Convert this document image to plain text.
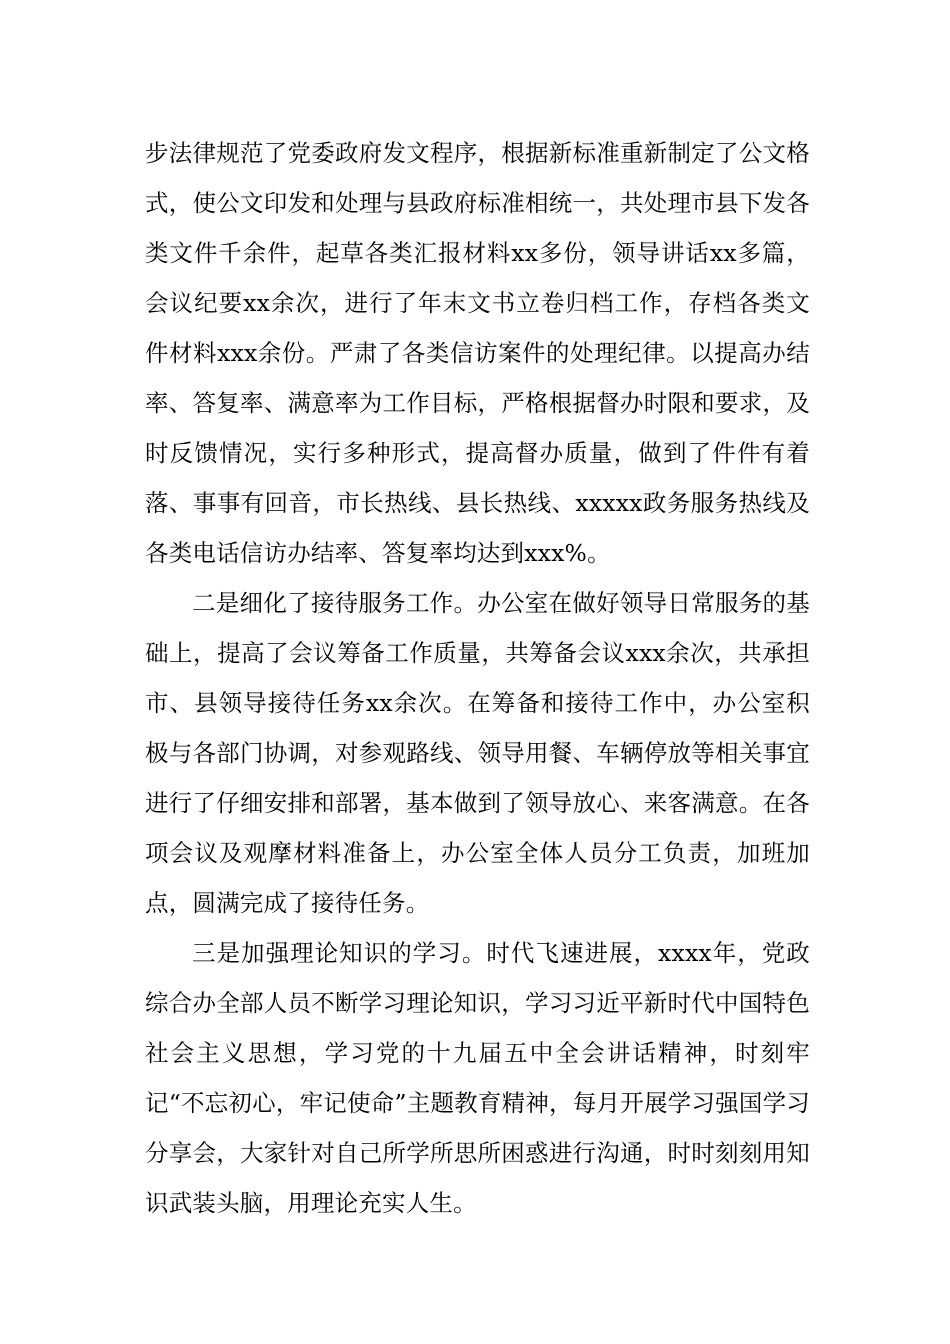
步法律规范了党委政府发文程序，根据新标准重新制定了公文格式，使公文印发和处理与县政府标准相统一，共处理市县下发各类文件千余件，起草各类汇报材料xx多份，领导讲话xx多篇，会议纪要xx余次，进行了年末文书立卷归档工作，存档各类文件材料xxx余份。严肃了各类信访案件的处理纪律。以提高办结率、答复率、满意率为工作目标，严格根据督办时限和要求，及时反馈情况，实行多种形式，提高督办质量，做到了件件有着落、事事有回音，市长热线、县长热线、xxxxx政务服务热线及各类电话信访办结率、答复率均达到xxx%。

二是细化了接待服务工作。办公室在做好领导日常服务的基础上，提高了会议筹备工作质量，共筹备会议xxx余次，共承担市、县领导接待任务xx余次。在筹备和接待工作中，办公室积极与各部门协调，对参观路线、领导用餐、车辆停放等相关事宜进行了仔细安排和部署，基本做到了领导放心、来客满意。在各项会议及观摩材料准备上，办公室全体人员分工负责，加班加点，圆满完成了接待任务。

三是加强理论知识的学习。时代飞速进展，xxxx年，党政综合办全部人员不断学习理论知识，学习习近平新时代中国特色社会主义思想，学习党的十九届五中全会讲话精神，时刻牢记“不忘初心，牢记使命”主题教育精神，每月开展学习强国学习分享会，大家针对自己所学所思所困惑进行沟通，时时刻刻用知识武装头脑，用理论充实人生。
